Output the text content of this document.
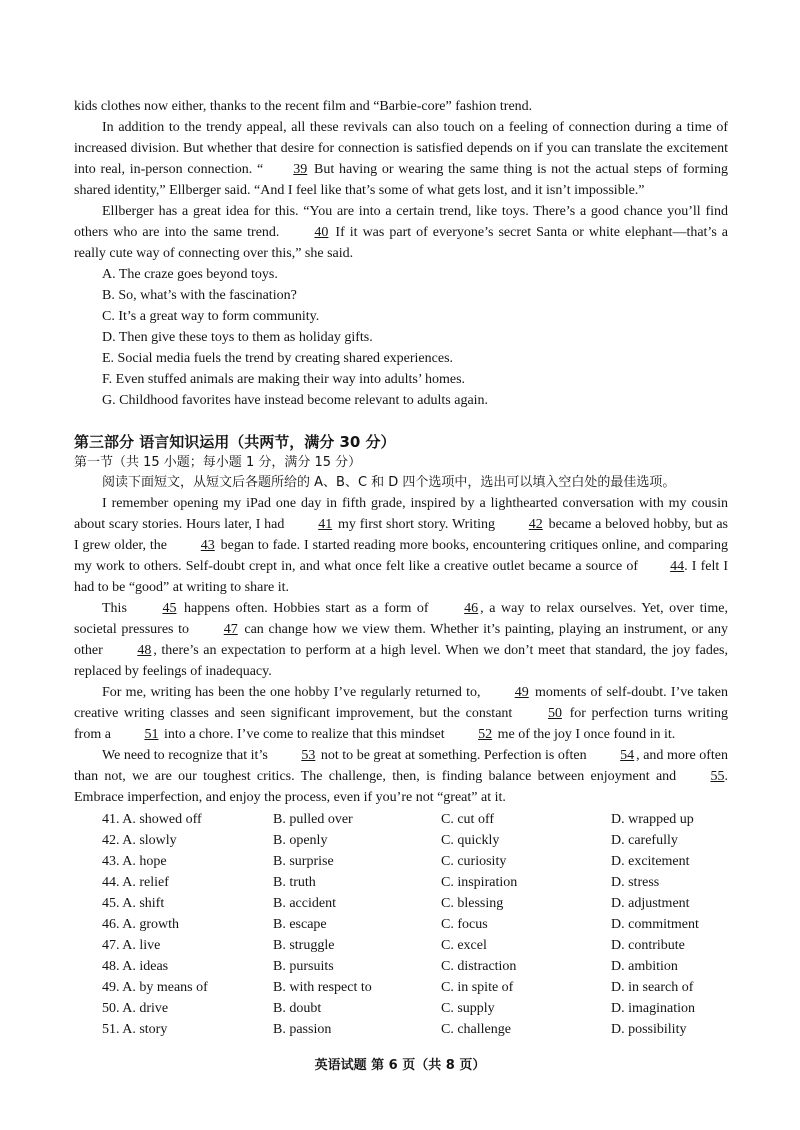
kids clothes now either, thanks to the recent film and “Barbie-core” fashion trend.

In addition to the trendy appeal, all these revivals can also touch on a feeling of connection during a time of increased division. But whether that desire for connection is satisfied depends on if you can translate the excitement into real, in-person connection. “ 39 But having or wearing the same thing is not the actual steps of forming shared identity,” Ellberger said. “And I feel like that’s some of what gets lost, and it isn’t impossible.”

Ellberger has a great idea for this. “You are into a certain trend, like toys. There’s a good chance you’ll find others who are into the same trend. 40 If it was part of everyone’s secret Santa or white elephant—that’s a really cute way of connecting over this,” she said.

A. The craze goes beyond toys.

B. So, what’s with the fascination?

C. It’s a great way to form community.

D. Then give these toys to them as holiday gifts.

E. Social media fuels the trend by creating shared experiences.

F. Even stuffed animals are making their way into adults’ homes.

G. Childhood favorites have instead become relevant to adults again.

第三部分 语言知识运用（共两节，满分 30 分）

第一节（共 15 小题；每小题 1 分，满分 15 分）

阅读下面短文，从短文后各题所给的 A、B、C 和 D 四个选项中，选出可以填入空白处的最佳选项。

I remember opening my iPad one day in fifth grade, inspired by a lighthearted conversation with my cousin about scary stories. Hours later, I had 41 my first short story. Writing 42 became a beloved hobby, but as I grew older, the 43 began to fade. I started reading more books, encountering critiques online, and comparing my work to others. Self-doubt crept in, and what once felt like a creative outlet became a source of 44. I felt I had to be “good” at writing to share it.

This 45 happens often. Hobbies start as a form of 46 , a way to relax ourselves. Yet, over time, societal pressures to 47 can change how we view them. Whether it’s painting, playing an instrument, or any other 48 , there’s an expectation to perform at a high level. When we don’t meet that standard, the joy fades, replaced by feelings of inadequacy.

For me, writing has been the one hobby I’ve regularly returned to, 49 moments of self-doubt. I’ve taken creative writing classes and seen significant improvement, but the constant 50 for perfection turns writing from a 51 into a chore. I’ve come to realize that this mindset 52 me of the joy I once found in it.

We need to recognize that it’s 53 not to be great at something. Perfection is often 54 , and more often than not, we are our toughest critics. The challenge, then, is finding balance between enjoyment and 55. Embrace imperfection, and enjoy the process, even if you’re not “great” at it.

41. A. showed off	B. pulled over	C. cut off	D. wrapped up
42. A. slowly	B. openly	C. quickly	D. carefully
43. A. hope	B. surprise	C. curiosity	D. excitement
44. A. relief	B. truth	C. inspiration	D. stress
45. A. shift	B. accident	C. blessing	D. adjustment
46. A. growth	B. escape	C. focus	D. commitment
47. A. live	B. struggle	C. excel	D. contribute
48. A. ideas	B. pursuits	C. distraction	D. ambition
49. A. by means of	B. with respect to	C. in spite of	D. in search of
50. A. drive	B. doubt	C. supply	D. imagination
51. A. story	B. passion	C. challenge	D. possibility
英语试题 第 6 页（共 8 页）
